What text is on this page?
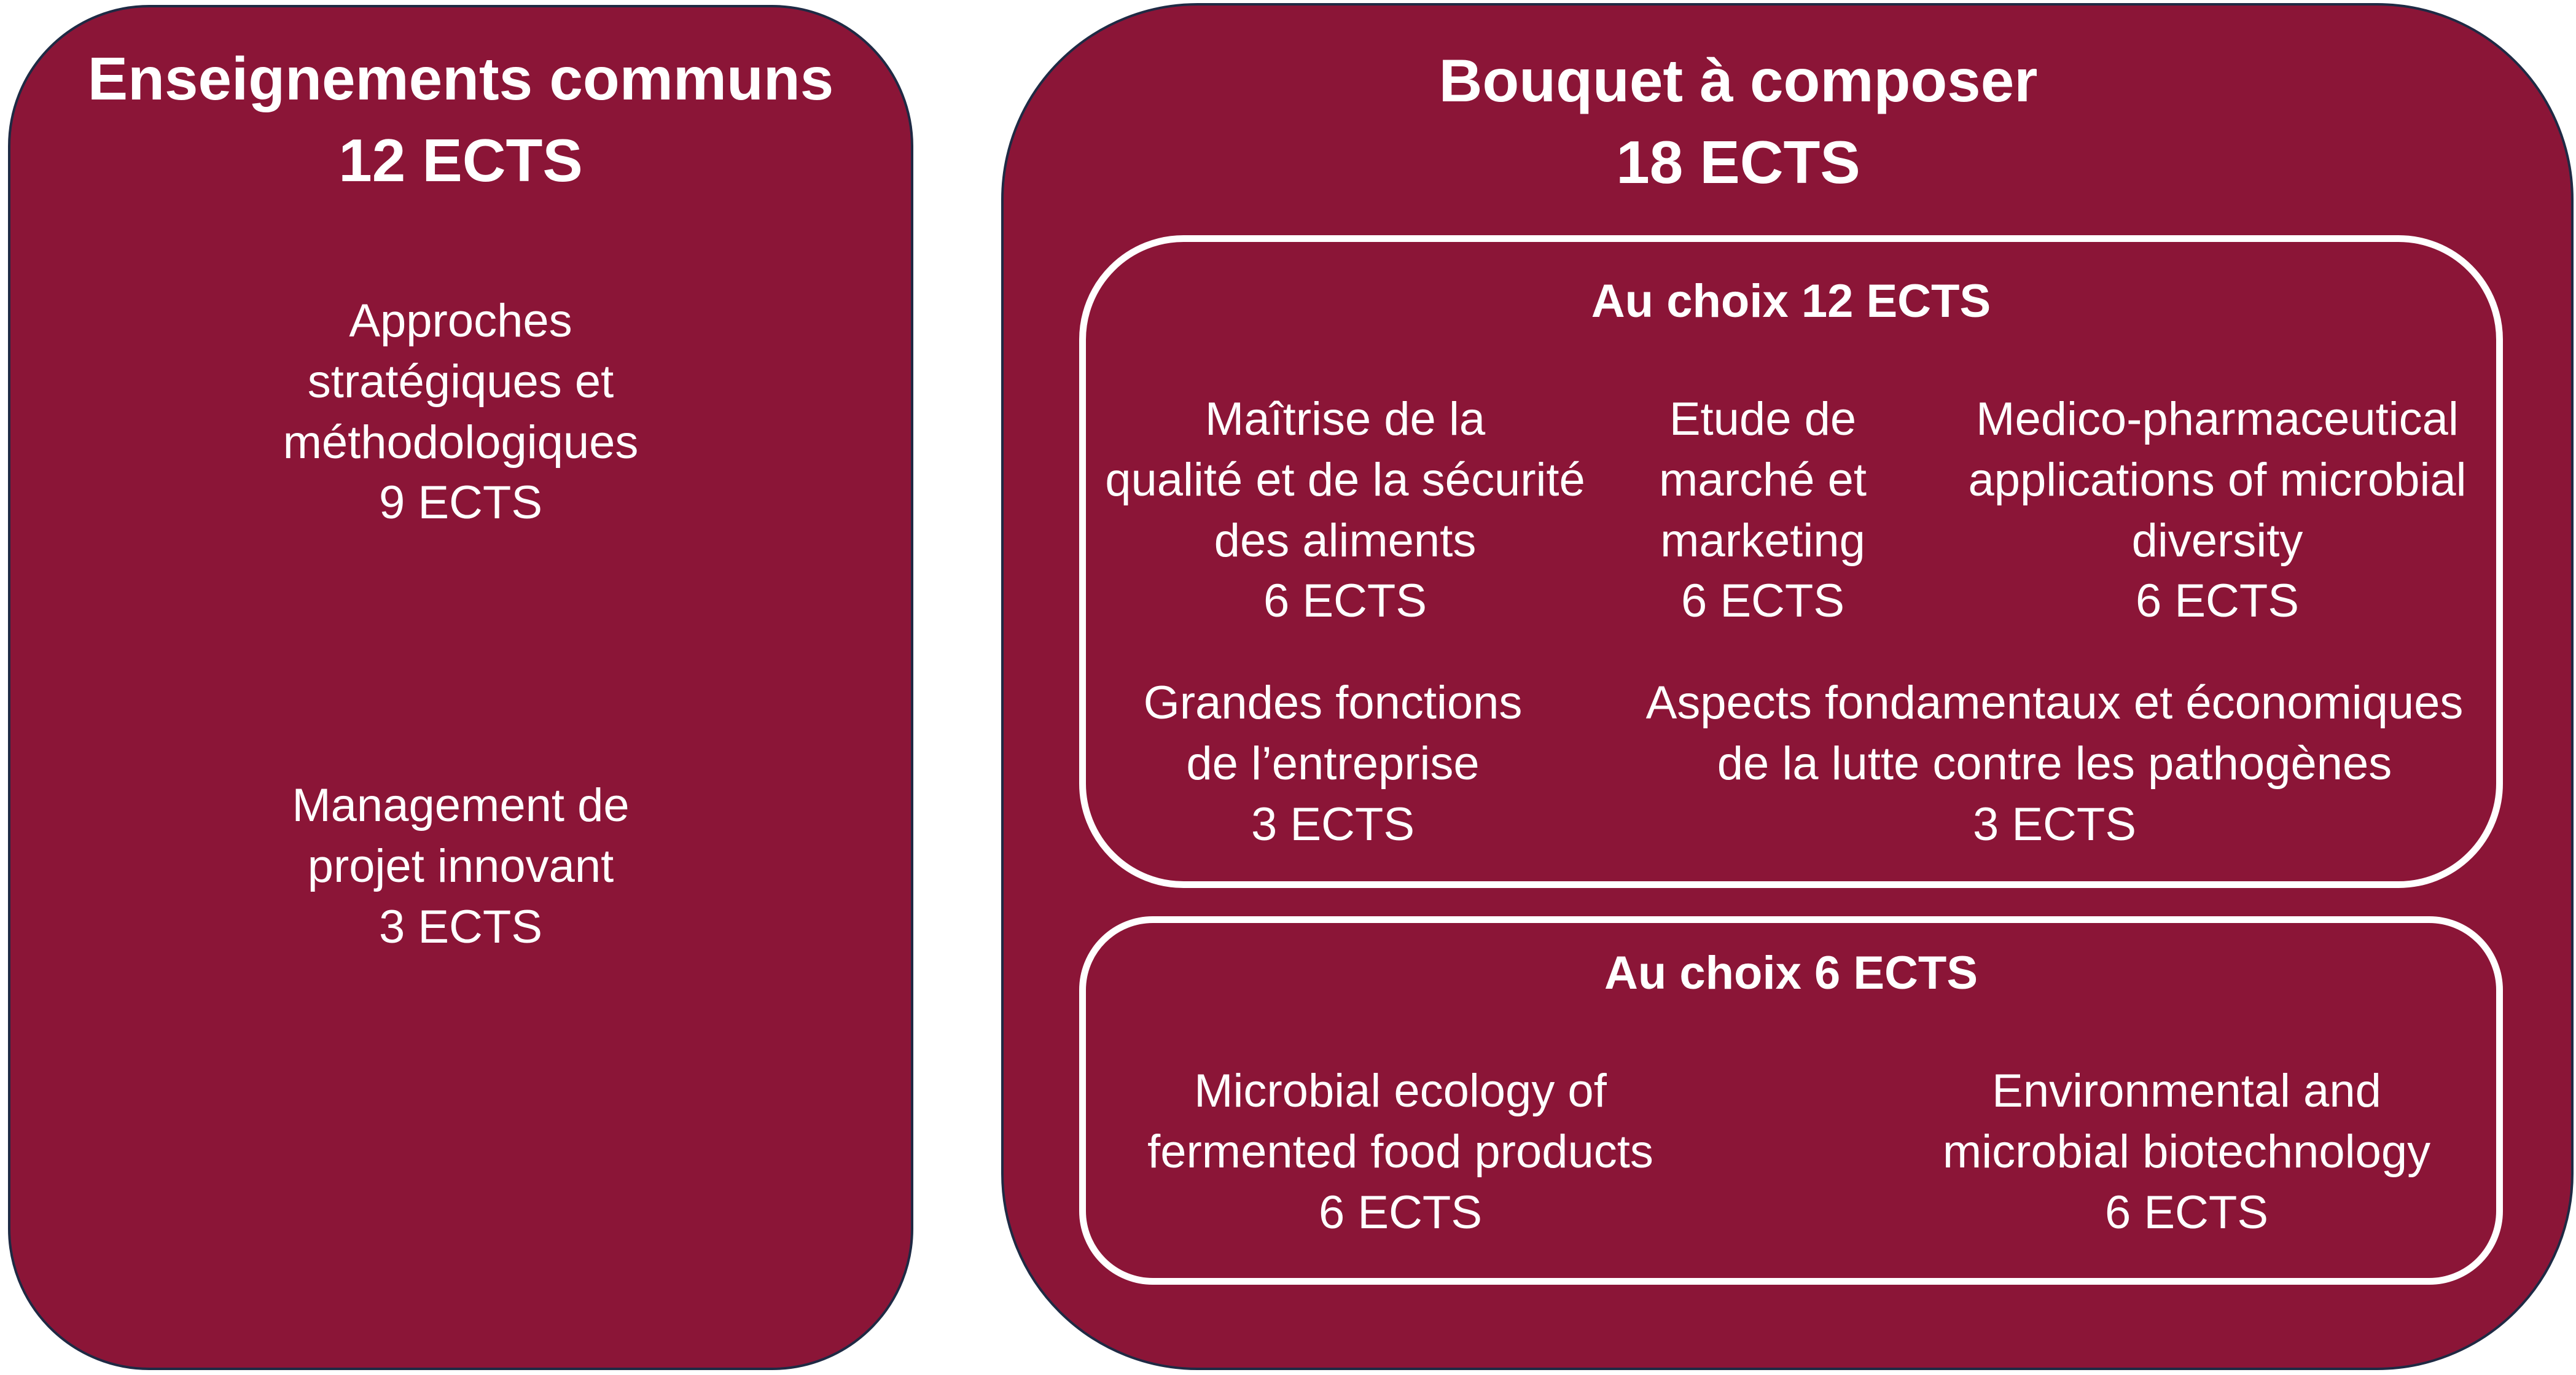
Enseignements communs
12 ECTS
Approches
stratégiques et
méthodologiques
9 ECTS
Management de
projet innovant
3 ECTS
Bouquet à composer
18 ECTS
Au choix 12 ECTS
Maîtrise de la
qualité et de la sécurité
des aliments
6 ECTS
Etude de
marché et
marketing
6 ECTS
Medico-pharmaceutical
applications of microbial
diversity
6 ECTS
Grandes fonctions
de l’entreprise
3 ECTS
Aspects fondamentaux et économiques
de la lutte contre les pathogènes
3 ECTS
Au choix 6 ECTS
Microbial ecology of
fermented food products
6 ECTS
Environmental and
microbial biotechnology
6 ECTS
